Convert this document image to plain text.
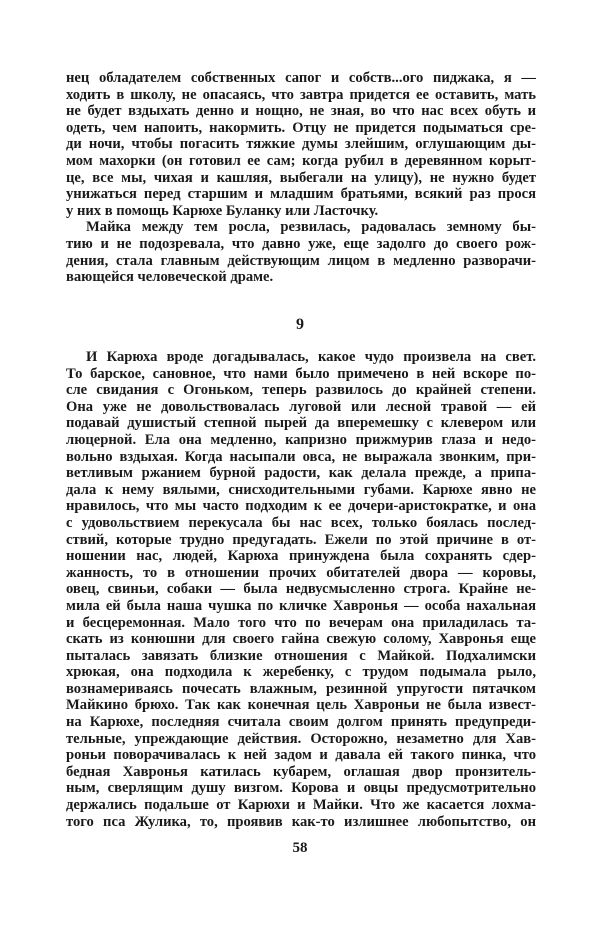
нец обладателем собственных сапог и собств...ого пиджака, я —
ходить в школу, не опасаясь, что завтра придется ее оставить, мать
не будет вздыхать денно и нощно, не зная, во что нас всех обуть и
одеть, чем напоить, накормить. Отцу не придется подыматься сре-
ди ночи, чтобы погасить тяжкие думы злейшим, оглушающим ды-
мом махорки (он готовил ее сам; когда рубил в деревянном корыт-
це, все мы, чихая и кашляя, выбегали на улицу), не нужно будет
унижаться перед старшим и младшим братьями, всякий раз прося
у них в помощь Карюхе Буланку или Ласточку.
Майка между тем росла, резвилась, радовалась земному бы-
тию и не подозревала, что давно уже, еще задолго до своего рож-
дения, стала главным действующим лицом в медленно разворачи-
вающейся человеческой драме.
9
И Карюха вроде догадывалась, какое чудо произвела на свет.
То барское, сановное, что нами было примечено в ней вскоре по-
сле свидания с Огоньком, теперь развилось до крайней степени.
Она уже не довольствовалась луговой или лесной травой — ей
подавай душистый степной пырей да вперемешку с клевером или
люцерной. Ела она медленно, капризно прижмурив глаза и недо-
вольно вздыхая. Когда насыпали овса, не выражала звонким, при-
ветливым ржанием бурной радости, как делала прежде, а припа-
дала к нему вялыми, снисходительными губами. Карюхе явно не
нравилось, что мы часто подходим к ее дочери-аристократке, и она
с удовольствием перекусала бы нас всех, только боялась послед-
ствий, которые трудно предугадать. Ежели по этой причине в от-
ношении нас, людей, Карюха принуждена была сохранять сдер-
жанность, то в отношении прочих обитателей двора — коровы,
овец, свиньи, собаки — была недвусмысленно строга. Крайне не-
мила ей была наша чушка по кличке Хавронья — особа нахальная
и бесцеремонная. Мало того что по вечерам она приладилась та-
скать из конюшни для своего гайна свежую солому, Хавронья еще
пыталась завязать близкие отношения с Майкой. Подхалимски
хрюкая, она подходила к жеребенку, с трудом подымала рыло,
вознамериваясь почесать влажным, резинной упругости пятачком
Майкино брюхо. Так как конечная цель Хавроньи не была извест-
на Карюхе, последняя считала своим долгом принять предупреди-
тельные, упреждающие действия. Осторожно, незаметно для Хав-
роньи поворачивалась к ней задом и давала ей такого пинка, что
бедная Хавронья катилась кубарем, оглашая двор пронзитель-
ным, сверлящим душу визгом. Корова и овцы предусмотрительно
держались подальше от Карюхи и Майки. Что же касается лохма-
того пса Жулика, то, проявив как-то излишнее любопытство, он
58
